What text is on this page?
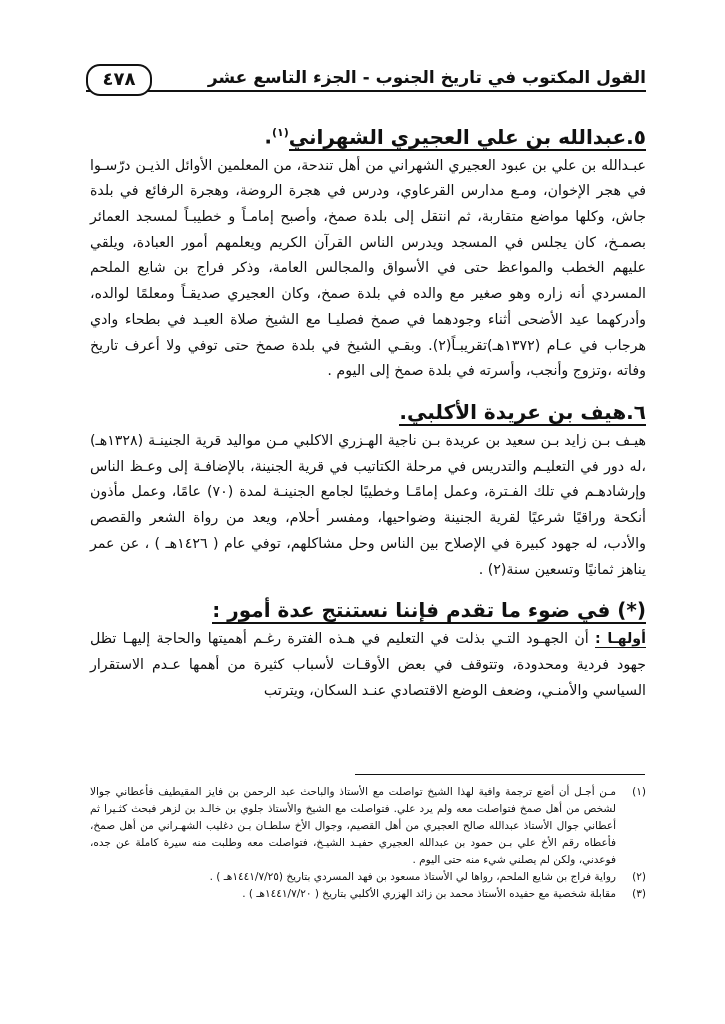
القول المكتوب في تاريخ الجنوب - الجزء التاسع عشر
٤٧٨
٥.عبدالله بن علي العجيري الشهراني$^{(١)}$.

عبـدالله بن علي بن عبود العجيري الشهراني من أهل تندحة، من المعلمين الأوائل الذيـن درّسـوا في هجر الإخوان، ومـع مدارس القرعاوي، ودرس في هجرة الروضة، وهجرة الرفائع في بلدة جاش، وكلها مواضع متقاربة، ثم انتقل إلى بلدة صمخ، وأصبح إمامـاً و خطيبـاً لمسجد العمائر بصمـخ، كان يجلس في المسجد ويدرس الناس القرآن الكريم ويعلمهم أمور العبادة، ويلقي عليهم الخطب والمواعظ حتى في الأسواق والمجالس العامة، وذكر فراج بن شايع الملحم المسردي أنه زاره وهو صغير مع والده في بلدة صمخ، وكان العجيري صديقـاً ومعلمًا لوالده، وأدركهما عيد الأضحى أثناء وجودهما في صمخ فصليـا مع الشيخ صلاة العيـد في بطحاء وادي هرجاب في عـام (١٣٧٢هـ)تقريبـاً(٢). وبقـي الشيخ في بلدة صمخ حتى توفي ولا أعرف تاريخ وفاته ،وتزوج وأنجب، وأسرته في بلدة صمخ إلى اليوم .

٦.هيف بن عريدة الأكلبي.

هيـف بـن زايد بـن سعيد بن عريدة بـن ناجية الهـزري الاكلبي مـن مواليد قرية الجنينـة (١٣٢٨هـ) ،له دور في التعليـم والتدريس في مرحلة الكتاتيب في قرية الجنينة، بالإضافـة إلى وعـظ الناس وإرشادهـم في تلك الفـترة، وعمل إمامًـا وخطيبًا لجامع الجنينـة لمدة (٧٠) عامًا، وعمل مأذون أنكحة وراقيًا شرعيًا لقرية الجنينة وضواحيها، ومفسر أحلام، ويعد من رواة الشعر والقصص والأدب، له جهود كبيرة في الإصلاح بين الناس وحل مشاكلهم، توفي عام ( ١٤٢٦هـ ) ، عن عمر يناهز ثمانيًا وتسعين سنة(٢) .

(*) في ضوء ما تقدم فإننا نستنتج عدة أمور :

أولهـا : أن الجهـود التـي بذلت في التعليم في هـذه الفترة رغـم أهميتها والحاجة إليهـا تظل جهود فردية ومحدودة، وتتوقف في بعض الأوقـات لأسباب كثيرة من أهمها عـدم الاستقرار السياسي والأمنـي، وضعف الوضع الاقتصادي عنـد السكان، ويترتب

(١)
مـن أجـل أن أضع ترجمة وافية لهذا الشيخ تواصلت مع الأستاذ والباحث عبد الرحمن بن فايز المقيطيف فأعطاني جوالا لشخص من أهل صمخ فتواصلت معه ولم يرد علي. فتواصلت مع الشيخ والأستاذ جلوي بن خالـد بن لزهر فبحث كثـيرا ثم أعطاني جوال الأستاذ عبدالله صالح العجيري من أهل القصيم، وجوال الأخ سلطـان بـن دغليب الشهـراني من أهل صمخ، فأعطاه رقم الأخ علي بـن حمود بن عبدالله العجيري حفيـد الشيـخ، فتواصلت معه وطلبت منه سيرة كاملة عن جده، فوعدني، ولكن لم يصلني شيء منه حتى اليوم .

(٢)
رواية فراج بن شايع الملحم، رواها لي الأستاذ مسعود بن فهد المسردي بتاريخ (١٤٤١/٧/٢٥هـ ) .

(٣)
مقابلة شخصية مع حفيده الأستاذ محمد بن زائد الهزري الأكلبي بتاريخ ( ١٤٤١/٧/٢٠هـ ) .
